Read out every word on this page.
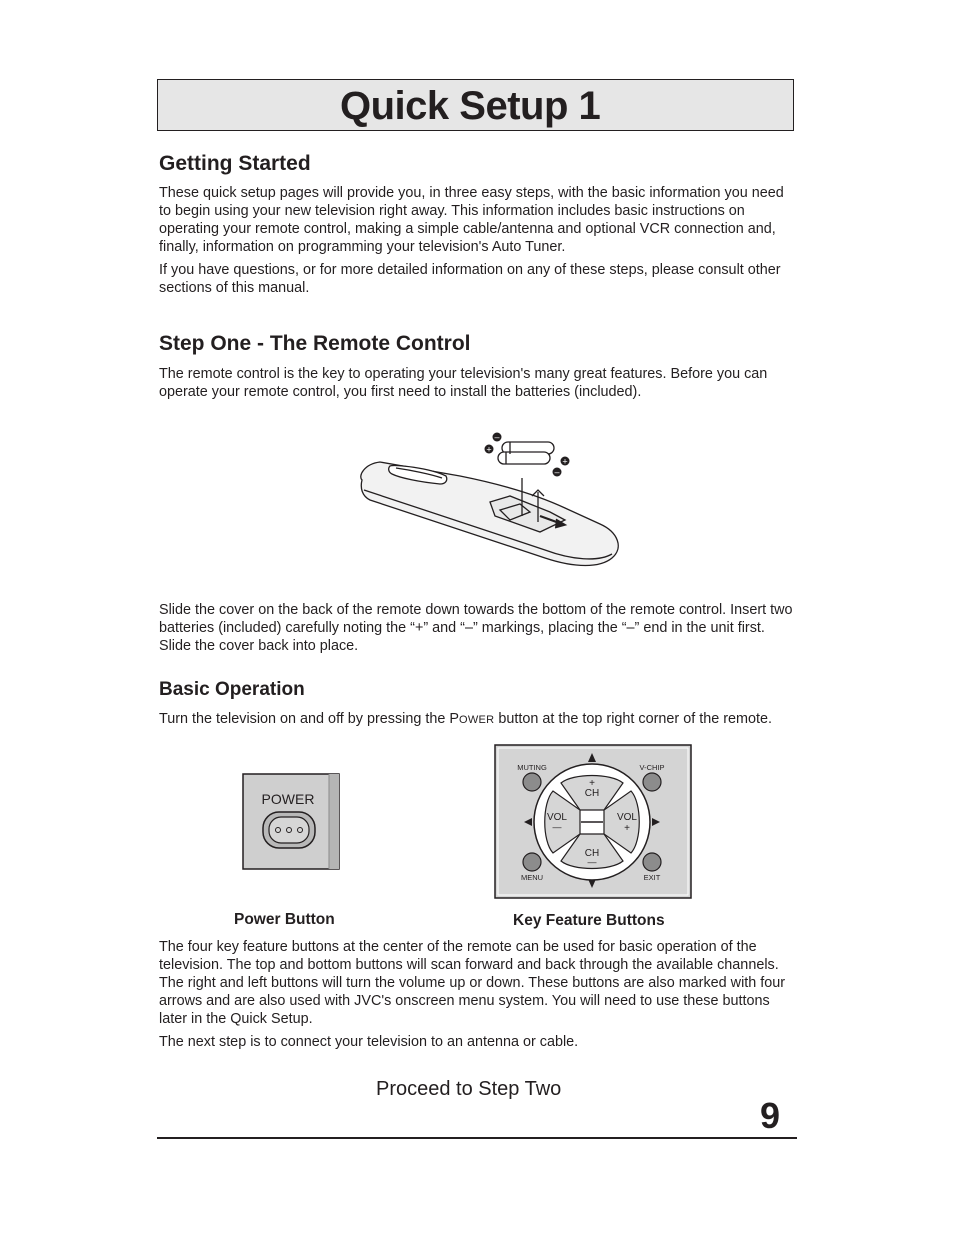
Quick Setup 1
Getting Started

These quick setup pages will provide you, in three easy steps, with the basic information you need to begin using your new television right away. This information includes basic instructions on operating your remote control, making a simple cable/antenna and optional VCR connection and, finally, information on programming your television's Auto Tuner.

If you have questions, or for more detailed information on any of these steps, please consult other sections of this manual.

Step One - The Remote Control

The remote control is the key to operating your television's many great features. Before you can operate your remote control, you first need to install the batteries (included).

+
–
+
–

Slide the cover on the back of the remote down towards the bottom of the remote control. Insert two batteries (included) carefully noting the “+” and “–” markings, placing the “–” end in the unit first. Slide the cover back into place.

Basic Operation

Turn the television on and off by pressing the POWER button at the top right corner of the remote.

POWER
MUTING	V-CHIP
MENU	EXIT
+
CH
CH
—
VOL
—
VOL
+

Power Button	Key Feature Buttons

The four key feature buttons at the center of the remote can be used for basic operation of the television. The top and bottom buttons will scan forward and back through the available channels. The right and left buttons will turn the volume up or down. These buttons are also marked with four arrows and are also used with JVC's onscreen menu system. You will need to use these buttons later in the Quick Setup.

The next step is to connect your television to an antenna or cable.

Proceed to Step Two
9
